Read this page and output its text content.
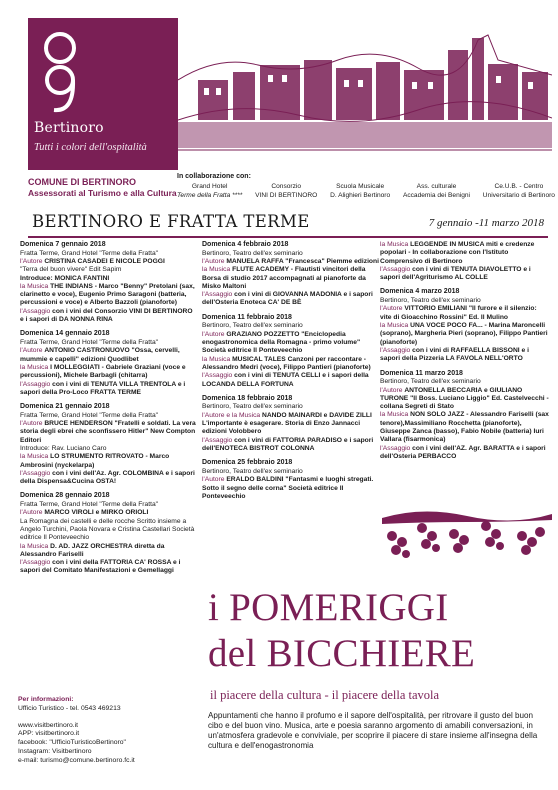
Bertinoro
Tutti i colori dell'ospitalità
COMUNE DI BERTINORO
Assessorati al Turismo e alla Cultura
In collaborazione con:
Grand Hotel
Terme della Fratta ****
Consorzio
VINI DI BERTINORO
Scuola Musicale
D. Alighieri Bertinoro
Ass. culturale
Accademia dei Benigni
Ce.U.B. - Centro
Universitario di Bertinoro
BERTINORO E FRATTA TERME	7 gennaio -11 marzo 2018
Domenica 7 gennaio 2018
Fratta Terme, Grand Hotel "Terme della Fratta"
l'Autore CRISTINA CASADEI E NICOLE POGGI
"Terra del buon vivere" Edit Sapim
Introduce: MONICA FANTINI
la Musica THE INDIANS - Marco "Benny" Pretolani (sax, clarinetto e voce), Eugenio Primo Saragoni (batteria, percussioni e voce) e Alberto Bazzoli (pianoforte)
l'Assaggio con i vini del Consorzio VINI DI BERTINORO e i sapori di DA NONNA RINA
Domenica 14 gennaio 2018
Fratta Terme, Grand Hotel "Terme della Fratta"
l'Autore ANTONIO CASTRONUOVO "Ossa, cervelli, mummie e capelli" edizioni Quodlibet
la Musica I MOLLEGGIATI - Gabriele Graziani (voce e percussioni), Michele Barbagli (chitarra)
l'Assaggio con i vini di TENUTA VILLA TRENTOLA e i sapori della Pro-Loco FRATTA TERME
Domenica 21 gennaio 2018
Fratta Terme, Grand Hotel "Terme della Fratta"
l'Autore BRUCE HENDERSON "Fratelli e soldati. La vera storia degli ebrei che sconfissero Hitler" New Compton Editori
Introduce: Rav. Luciano Caro
la Musica LO STRUMENTO RITROVATO - Marco Ambrosini (nyckelarpa)
l'Assaggio con i vini dell'Az. Agr. COLOMBINA e i sapori della Dispensa&Cucina OSTA!
Domenica 28 gennaio 2018
Fratta Terme, Grand Hotel "Terme della Fratta"
l'Autore MARCO VIROLI e MIRKO ORIOLI
La Romagna dei castelli e delle rocche Scritto insieme a Angelo Turchini, Paola Novara e Cristina Castellari Società editrice Il Ponteveechio
la Musica D. AD. JAZZ ORCHESTRA diretta da Alessandro Fariselli
l'Assaggio con i vini della FATTORIA CA' ROSSA e i sapori del Comitato Manifestazioni e Gemellaggi
Domenica 4 febbraio 2018
Bertinoro, Teatro dell'ex seminario
l'Autore MANUELA RAFFA "Francesca" Piemme edizioni
la Musica FLUTE ACADEMY - Flautisti vincitori della Borsa di studio 2017 accompagnati al pianoforte da Misko Maltoni
l'Assaggio con i vini di GIOVANNA MADONIA e i sapori dell'Osteria Enoteca CA' DE BÈ
Domenica 11 febbraio 2018
Bertinoro, Teatro dell'ex seminario
l'Autore GRAZIANO POZZETTO "Enciclopedia enogastronomica della Romagna - primo volume" Società editrice Il Ponteveechio
la Musica MUSICAL TALES Canzoni per raccontare - Alessandro Medri (voce), Filippo Pantieri (pianoforte)
l'Assaggio con i vini di TENUTA CELLI e i sapori della LOCANDA DELLA FORTUNA
Domenica 18 febbraio 2018
Bertinoro, Teatro dell'ex seminario
l'Autore e la Musica NANDO MAINARDI e DAVIDE ZILLI L'importante è esagerare. Storia di Enzo Jannacci edizioni Volobbero
l'Assaggio con i vini di FATTORIA PARADISO e i sapori dell'ENOTECA BISTROT COLONNA
Domenica 25 febbraio 2018
Bertinoro, Teatro dell'ex seminario
l'Autore ERALDO BALDINI "Fantasmi e luoghi stregati. Sotto il segno delle corna" Società editrice Il Ponteveechio
la Musica LEGGENDE IN MUSICA miti e credenze popolari - In collaborazione con l'Istituto Comprensivo di Bertinoro
l'Assaggio con i vini di TENUTA DIAVOLETTO e i sapori dell'Agriturismo AL COLLE
Domenica 4 marzo 2018
Bertinoro, Teatro dell'ex seminario
l'Autore VITTORIO EMILIANI "Il furore e il silenzio: vite di Gioacchino Rossini" Ed. Il Mulino
la Musica UNA VOCE POCO FA... - Marina Maroncelli (soprano), Margheria Pieri (soprano), Filippo Pantieri (pianoforte)
l'Assaggio con i vini di RAFFAELLA BISSONI e i sapori della Pizzeria LA FAVOLA NELL'ORTO
Domenica 11 marzo 2018
Bertinoro, Teatro dell'ex seminario
l'Autore ANTONELLA BECCARIA e GIULIANO TURONE "Il Boss. Luciano Liggio" Ed. Castelvecchi - collana Segreti di Stato
la Musica NON SOLO JAZZ - Alessandro Fariselli (sax tenore),Massimiliano Rocchetta (pianoforte), Giuseppe Zanca (basso), Fabio Nobile (batteria) Iuri Vallara (fisarmonica)
l'Assaggio con i vini dell'AZ. Agr. BARATTA e i sapori dell'Osteria PERBACCO
i POMERIGGI
del BICCHIERE
il piacere della cultura - il piacere della tavola
Appuntamenti che hanno il profumo e il sapore dell'ospitalità, per ritrovare il gusto del buon cibo e del buon vino. Musica, arte e poesia saranno argomento di amabili conversazioni, in un'atmosfera gradevole e conviviale, per scoprire il piacere di stare insieme all'insegna della cultura e dell'enogastronomia
Per informazioni:
Ufficio Turistico - tel. 0543 469213
www.visitbertinoro.it
APP: visitbertinoro.it
facebook: "UfficioTuristicoBertinoro"
Instagram: Visitbertinoro
e-mail: turismo@comune.bertinoro.fc.it
